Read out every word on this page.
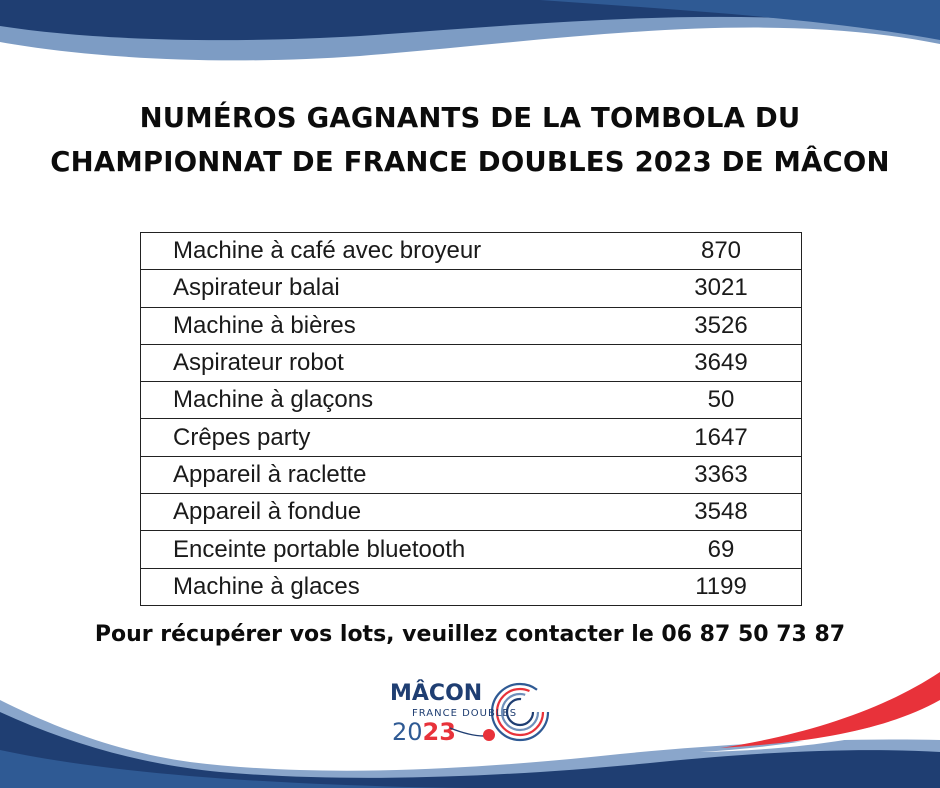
NUMÉROS GAGNANTS DE LA TOMBOLA DU
CHAMPIONNAT DE FRANCE DOUBLES 2023 DE MÂCON
Machine à café avec broyeur	870
Aspirateur balai	3021
Machine à bières	3526
Aspirateur robot	3649
Machine à glaçons	50
Crêpes party	1647
Appareil à raclette	3363
Appareil à fondue	3548
Enceinte portable bluetooth	69
Machine à glaces	1199

Pour récupérer vos lots, veuillez contacter le 06 87 50 73 87

MÂCON
FRANCE DOUBLES
2023
